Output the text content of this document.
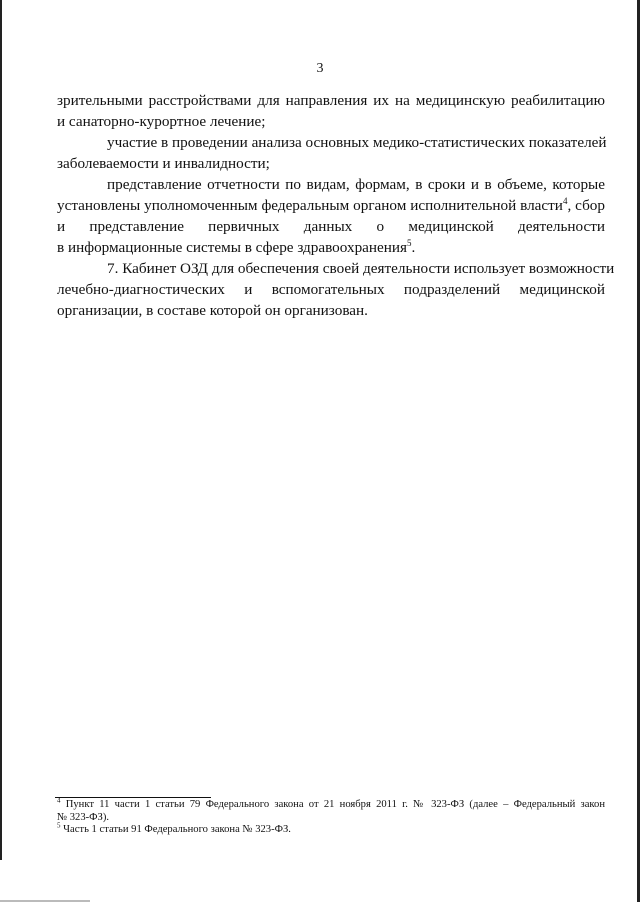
3

зрительными расстройствами для направления их на медицинскую реабилитацию
и санаторно-курортное лечение;

участие в проведении анализа основных медико-статистических показателей
заболеваемости и инвалидности;

представление отчетности по видам, формам, в сроки и в объеме, которые
установлены уполномоченным федеральным органом исполнительной власти$^4$, сбор
и представление первичных данных о медицинской деятельности
в информационные системы в сфере здравоохранения$^5$.

7. Кабинет ОЗД для обеспечения своей деятельности использует возможности
лечебно-диагностических и вспомогательных подразделений медицинской
организации, в составе которой он организован.

$^4$ Пункт 11 части 1 статьи 79 Федерального закона от 21 ноября 2011 г. № 323-ФЗ (далее – Федеральный закон
№ 323-ФЗ).

$^5$ Часть 1 статьи 91 Федерального закона № 323-ФЗ.
